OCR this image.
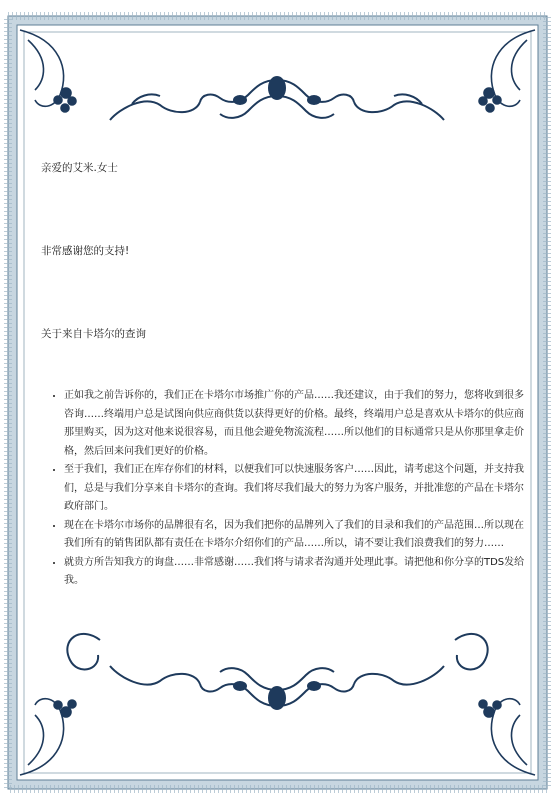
亲爱的艾米.女士

非常感谢您的支持!

关于来自卡塔尔的查询

• 正如我之前告诉你的，我们正在卡塔尔市场推广你的产品……我还建议，由于我们的努力，您将收到很多咨询……终端用户总是试图向供应商供货以获得更好的价格。最终，终端用户总是喜欢从卡塔尔的供应商那里购买，因为这对他来说很容易，而且他会避免物流流程……所以他们的目标通常只是从你那里拿走价格，然后回来问我们更好的价格。
• 至于我们，我们正在库存你们的材料，以便我们可以快速服务客户……因此，请考虑这个问题，并支持我们，总是与我们分享来自卡塔尔的查询。我们将尽我们最大的努力为客户服务，并批准您的产品在卡塔尔政府部门。
• 现在在卡塔尔市场你的品牌很有名，因为我们把你的品牌列入了我们的目录和我们的产品范围…所以现在我们所有的销售团队都有责任在卡塔尔介绍你们的产品……所以，请不要让我们浪费我们的努力……
• 就贵方所告知我方的询盘……非常感谢……我们将与请求者沟通并处理此事。请把他和你分享的TDS发给我。
